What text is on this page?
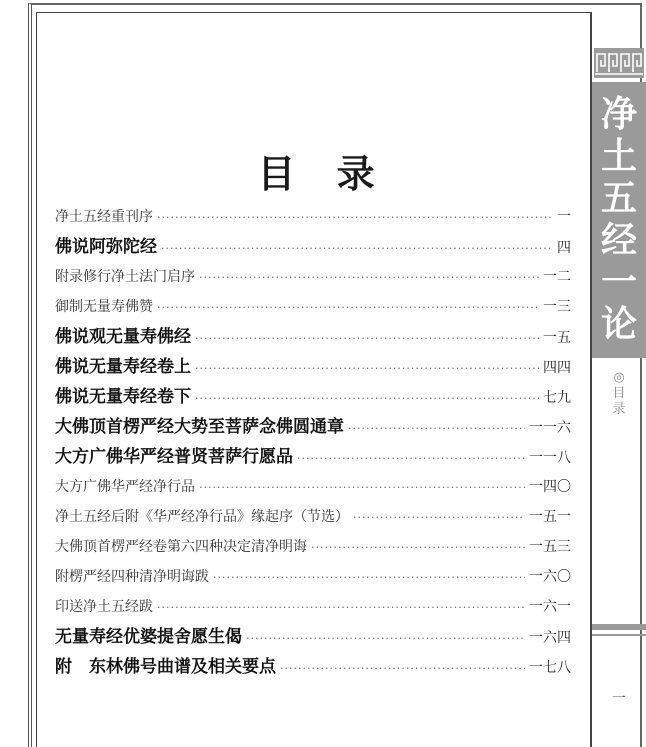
目 录
净土五经重刊序 ·····	一
佛说阿弥陀经 ·····	四
附录修行净土法门启序 ·····	一二
御制无量寿佛赞 ·····	一三
佛说观无量寿佛经 ·····	一五
佛说无量寿经卷上 ·····	四四
佛说无量寿经卷下 ·····	七九
大佛顶首楞严经大势至菩萨念佛圆通章 ·····	一一六
大方广佛华严经普贤菩萨行愿品 ·····	一一八
大方广佛华严经净行品 ·····	一四〇
净土五经后附《华严经净行品》缘起序（节选） ·····	一五一
大佛顶首楞严经卷第六四种决定清净明诲 ·····	一五三
附楞严经四种清净明诲跋 ·····	一六〇
印送净土五经跋 ·····	一六一
无量寿经优婆提舍愿生偈 ·····	一六四
附　东林佛号曲谱及相关要点 ·····	一七八
净
土
五
经
一
论
◎
目
录
一
